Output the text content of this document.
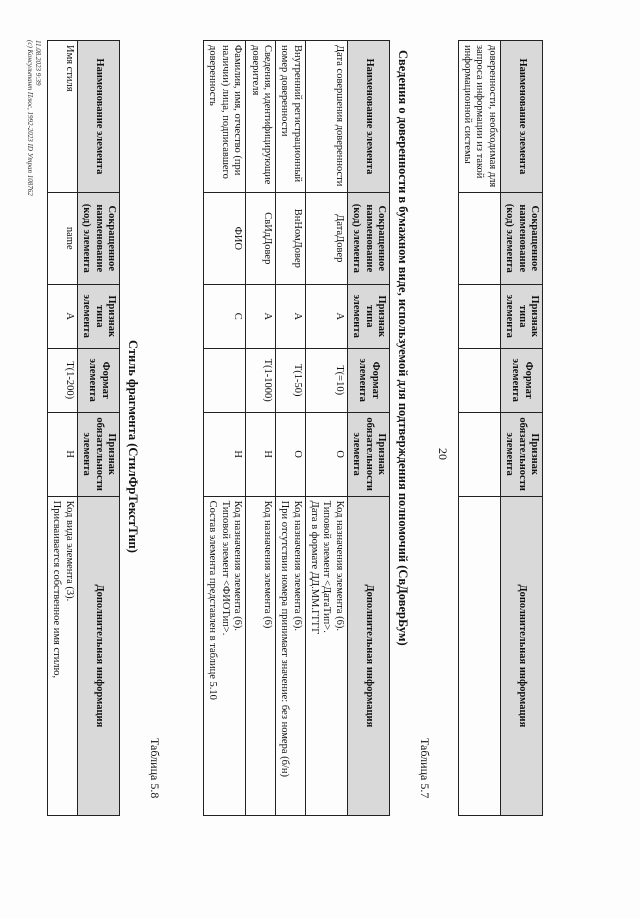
20
Наименование элемента	Сокращенное наименование (код) элемента	Признак типа элемента	Формат элемента	Признак обязательности элемента	Дополнительная информация
доверенности, необходимая для запроса информации из такой информационной системы					
Таблица 5.7
Сведения о доверенности в бумажном виде, используемой для подтверждения полномочий (СвДоверБум)
Наименование элемента	Сокращенное наименование (код) элемента	Признак типа элемента	Формат элемента	Признак обязательности элемента	Дополнительная информация
Дата совершения доверенности	ДатаДовер	А	T(=10)	О	Код назначения элемента (6).
Типовой элемент <ДатаТип>.
Дата в формате ДД.ММ.ГГГГ
Внутренний регистрационный номер доверенности	ВнНомДовер	А	T(1-50)	О	Код назначения элемента (6).
При отсутствии номера принимает значение: без номера (б/н)
Сведения, идентифицирующие доверителя	СвИдДовер	А	T(1-1000)	Н	Код назначения элемента (6)
Фамилия, имя, отчество (при наличии) лица, подписавшего доверенность	ФИО	С		Н	Код назначения элемента (6).
Типовой элемент <ФИОТип>.
Состав элемента представлен в таблице 5.10
Таблица 5.8
Стиль фрагмента (СтилФрТекстТип)
Наименование элемента	Сокращенное наименование (код) элемента	Признак типа элемента	Формат элемента	Признак обязательности элемента	Дополнительная информация
Имя стиля	name	А	T(1-200)	Н	Код вида элемента (3).
Присваивается собственное имя стилю,
11.08.2023 9:39
(c) Консультант Плюс, 1992-2023 ID Утрап 108762
